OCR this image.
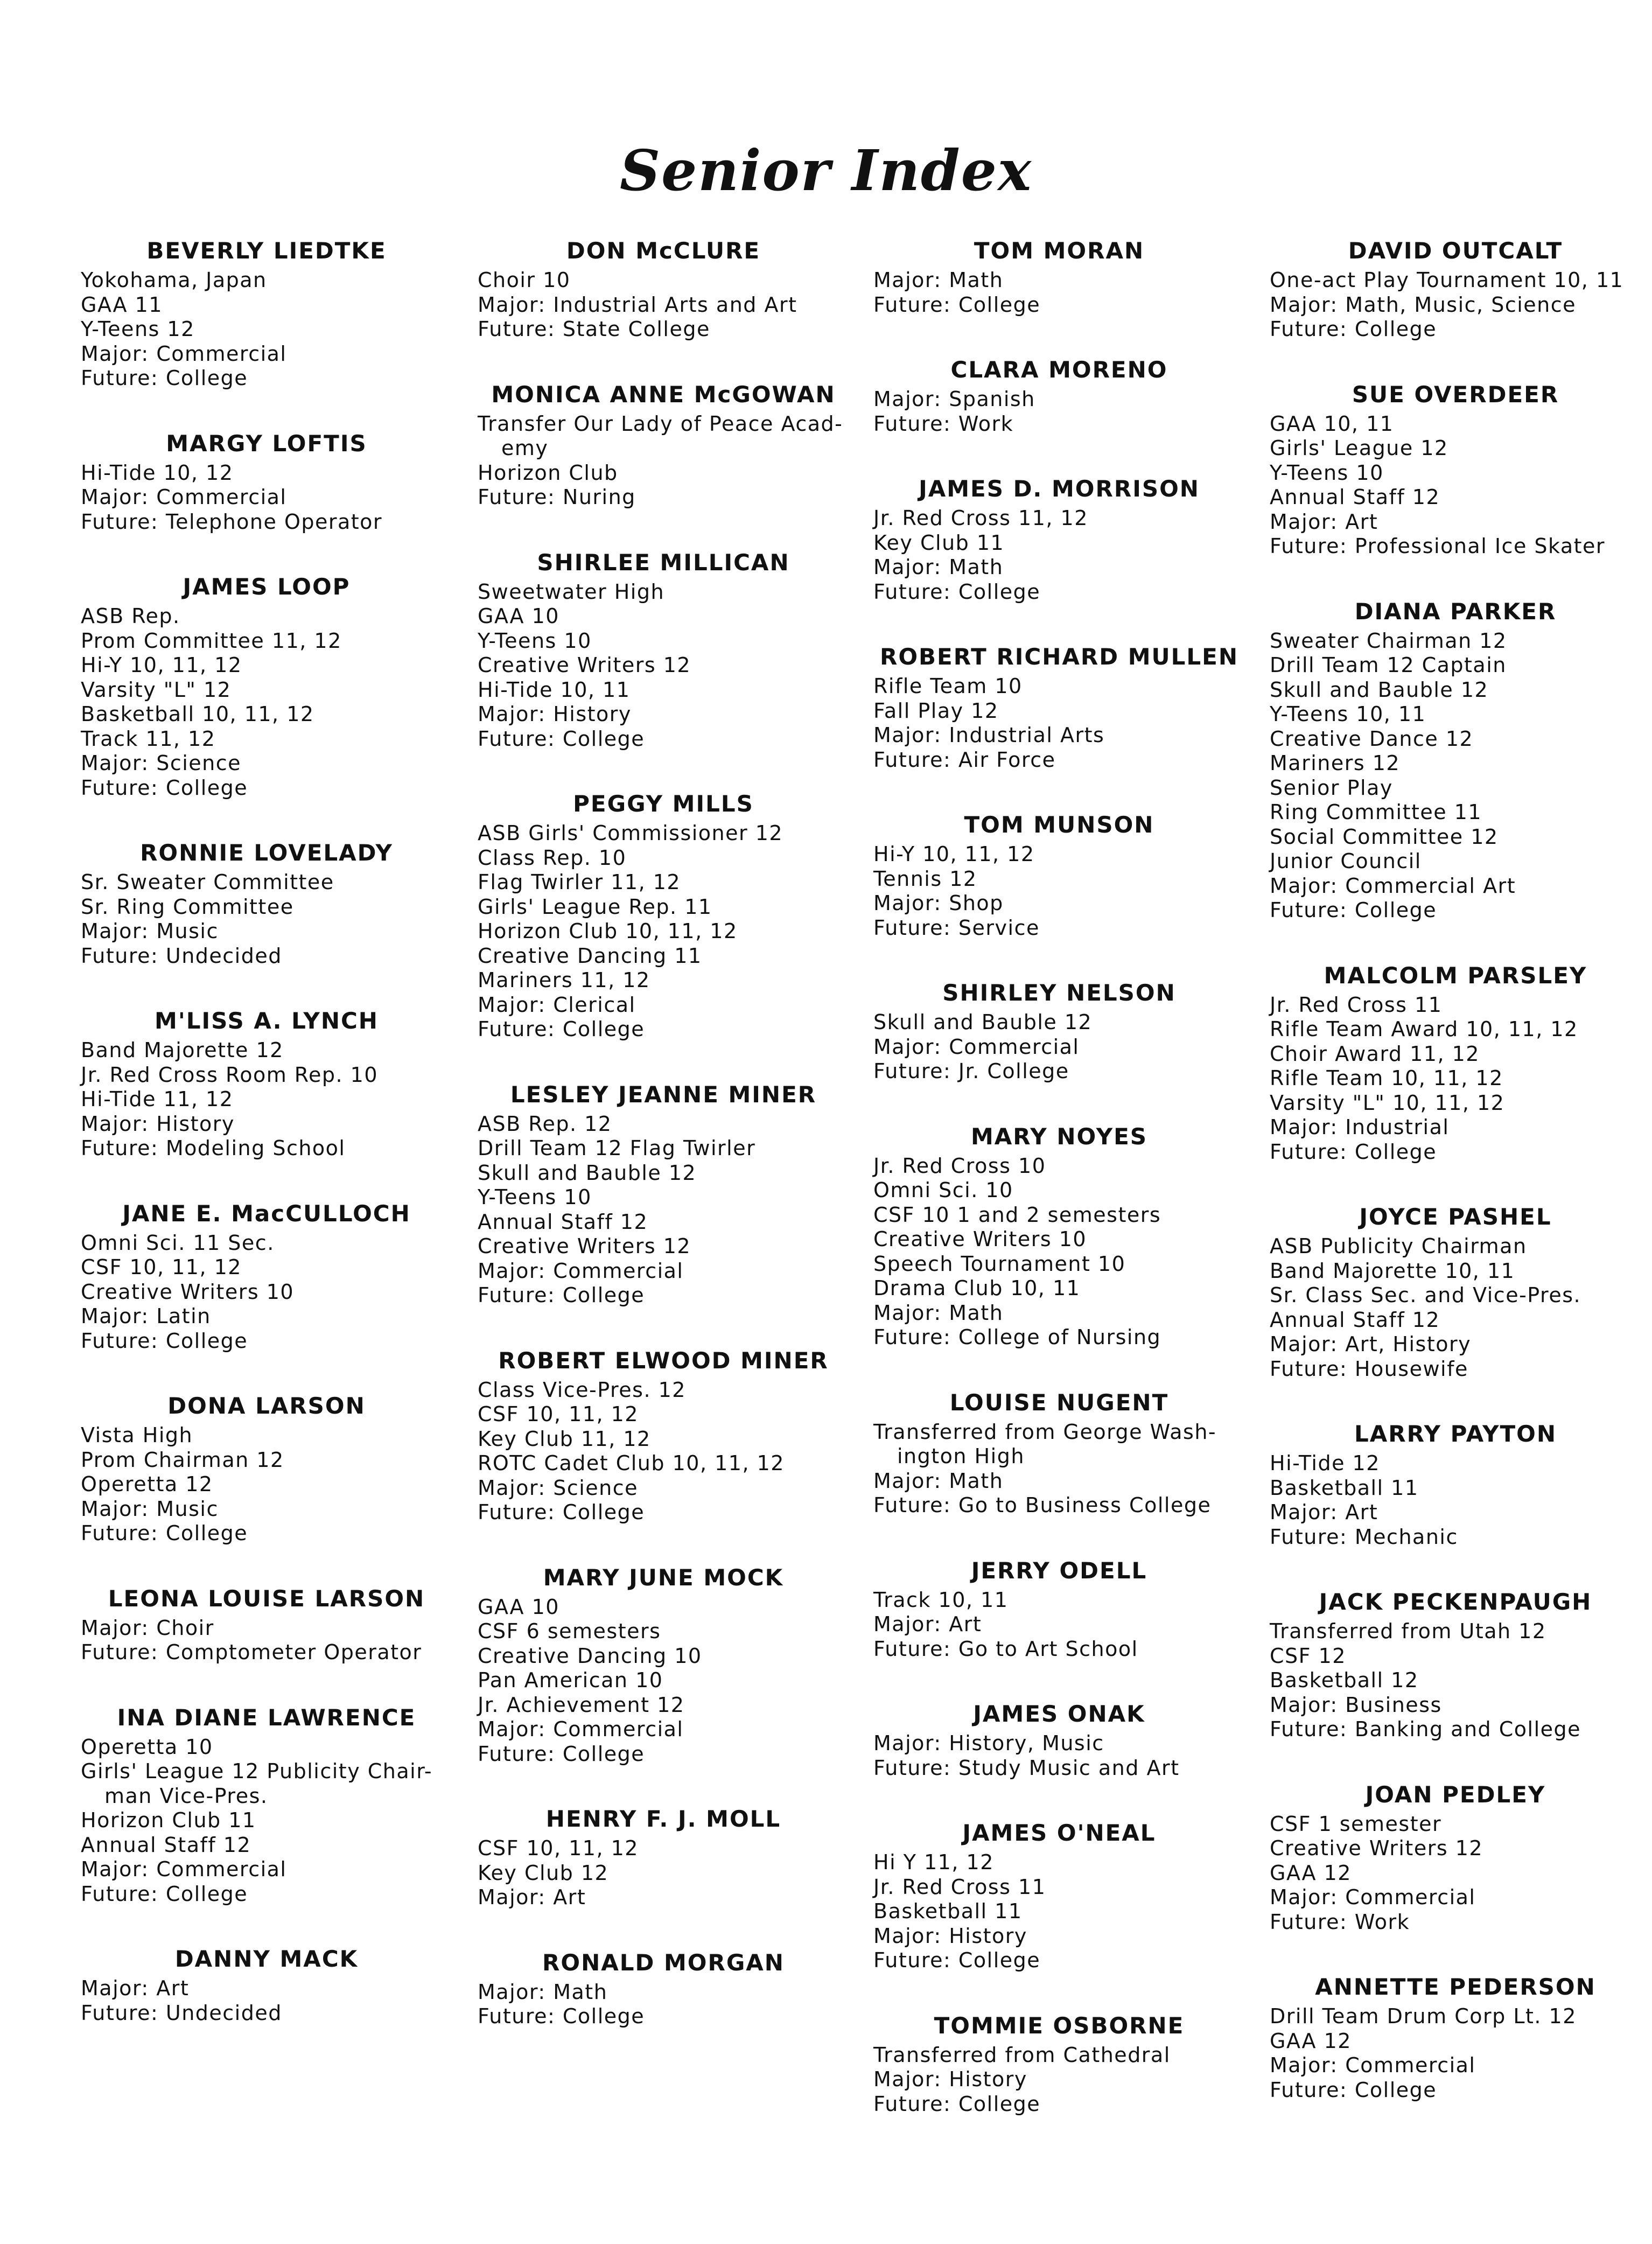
Senior Index
BEVERLY LIEDTKE
Yokohama, Japan
GAA 11
Y-Teens 12
Major: Commercial
Future: College
MARGY LOFTIS
Hi-Tide 10, 12
Major: Commercial
Future: Telephone Operator
JAMES LOOP
ASB Rep.
Prom Committee 11, 12
Hi-Y 10, 11, 12
Varsity "L" 12
Basketball 10, 11, 12
Track 11, 12
Major: Science
Future: College
RONNIE LOVELADY
Sr. Sweater Committee
Sr. Ring Committee
Major: Music
Future: Undecided
M'LISS A. LYNCH
Band Majorette 12
Jr. Red Cross Room Rep. 10
Hi-Tide 11, 12
Major: History
Future: Modeling School
JANE E. MacCULLOCH
Omni Sci. 11 Sec.
CSF 10, 11, 12
Creative Writers 10
Major: Latin
Future: College
DONA LARSON
Vista High
Prom Chairman 12
Operetta 12
Major: Music
Future: College
LEONA LOUISE LARSON
Major: Choir
Future: Comptometer Operator
INA DIANE LAWRENCE
Operetta 10
Girls' League 12 Publicity Chair-
man Vice-Pres.
Horizon Club 11
Annual Staff 12
Major: Commercial
Future: College
DANNY MACK
Major: Art
Future: Undecided
DON McCLURE
Choir 10
Major: Industrial Arts and Art
Future: State College
MONICA ANNE McGOWAN
Transfer Our Lady of Peace Acad-
emy
Horizon Club
Future: Nuring
SHIRLEE MILLICAN
Sweetwater High
GAA 10
Y-Teens 10
Creative Writers 12
Hi-Tide 10, 11
Major: History
Future: College
PEGGY MILLS
ASB Girls' Commissioner 12
Class Rep. 10
Flag Twirler 11, 12
Girls' League Rep. 11
Horizon Club 10, 11, 12
Creative Dancing 11
Mariners 11, 12
Major: Clerical
Future: College
LESLEY JEANNE MINER
ASB Rep. 12
Drill Team 12 Flag Twirler
Skull and Bauble 12
Y-Teens 10
Annual Staff 12
Creative Writers 12
Major: Commercial
Future: College
ROBERT ELWOOD MINER
Class Vice-Pres. 12
CSF 10, 11, 12
Key Club 11, 12
ROTC Cadet Club 10, 11, 12
Major: Science
Future: College
MARY JUNE MOCK
GAA 10
CSF 6 semesters
Creative Dancing 10
Pan American 10
Jr. Achievement 12
Major: Commercial
Future: College
HENRY F. J. MOLL
CSF 10, 11, 12
Key Club 12
Major: Art
RONALD MORGAN
Major: Math
Future: College
TOM MORAN
Major: Math
Future: College
CLARA MORENO
Major: Spanish
Future: Work
JAMES D. MORRISON
Jr. Red Cross 11, 12
Key Club 11
Major: Math
Future: College
ROBERT RICHARD MULLEN
Rifle Team 10
Fall Play 12
Major: Industrial Arts
Future: Air Force
TOM MUNSON
Hi-Y 10, 11, 12
Tennis 12
Major: Shop
Future: Service
SHIRLEY NELSON
Skull and Bauble 12
Major: Commercial
Future: Jr. College
MARY NOYES
Jr. Red Cross 10
Omni Sci. 10
CSF 10 1 and 2 semesters
Creative Writers 10
Speech Tournament 10
Drama Club 10, 11
Major: Math
Future: College of Nursing
LOUISE NUGENT
Transferred from George Wash-
ington High
Major: Math
Future: Go to Business College
JERRY ODELL
Track 10, 11
Major: Art
Future: Go to Art School
JAMES ONAK
Major: History, Music
Future: Study Music and Art
JAMES O'NEAL
Hi Y 11, 12
Jr. Red Cross 11
Basketball 11
Major: History
Future: College
TOMMIE OSBORNE
Transferred from Cathedral
Major: History
Future: College
DAVID OUTCALT
One-act Play Tournament 10, 11
Major: Math, Music, Science
Future: College
SUE OVERDEER
GAA 10, 11
Girls' League 12
Y-Teens 10
Annual Staff 12
Major: Art
Future: Professional Ice Skater
DIANA PARKER
Sweater Chairman 12
Drill Team 12 Captain
Skull and Bauble 12
Y-Teens 10, 11
Creative Dance 12
Mariners 12
Senior Play
Ring Committee 11
Social Committee 12
Junior Council
Major: Commercial Art
Future: College
MALCOLM PARSLEY
Jr. Red Cross 11
Rifle Team Award 10, 11, 12
Choir Award 11, 12
Rifle Team 10, 11, 12
Varsity "L" 10, 11, 12
Major: Industrial
Future: College
JOYCE PASHEL
ASB Publicity Chairman
Band Majorette 10, 11
Sr. Class Sec. and Vice-Pres.
Annual Staff 12
Major: Art, History
Future: Housewife
LARRY PAYTON
Hi-Tide 12
Basketball 11
Major: Art
Future: Mechanic
JACK PECKENPAUGH
Transferred from Utah 12
CSF 12
Basketball 12
Major: Business
Future: Banking and College
JOAN PEDLEY
CSF 1 semester
Creative Writers 12
GAA 12
Major: Commercial
Future: Work
ANNETTE PEDERSON
Drill Team Drum Corp Lt. 12
GAA 12
Major: Commercial
Future: College
